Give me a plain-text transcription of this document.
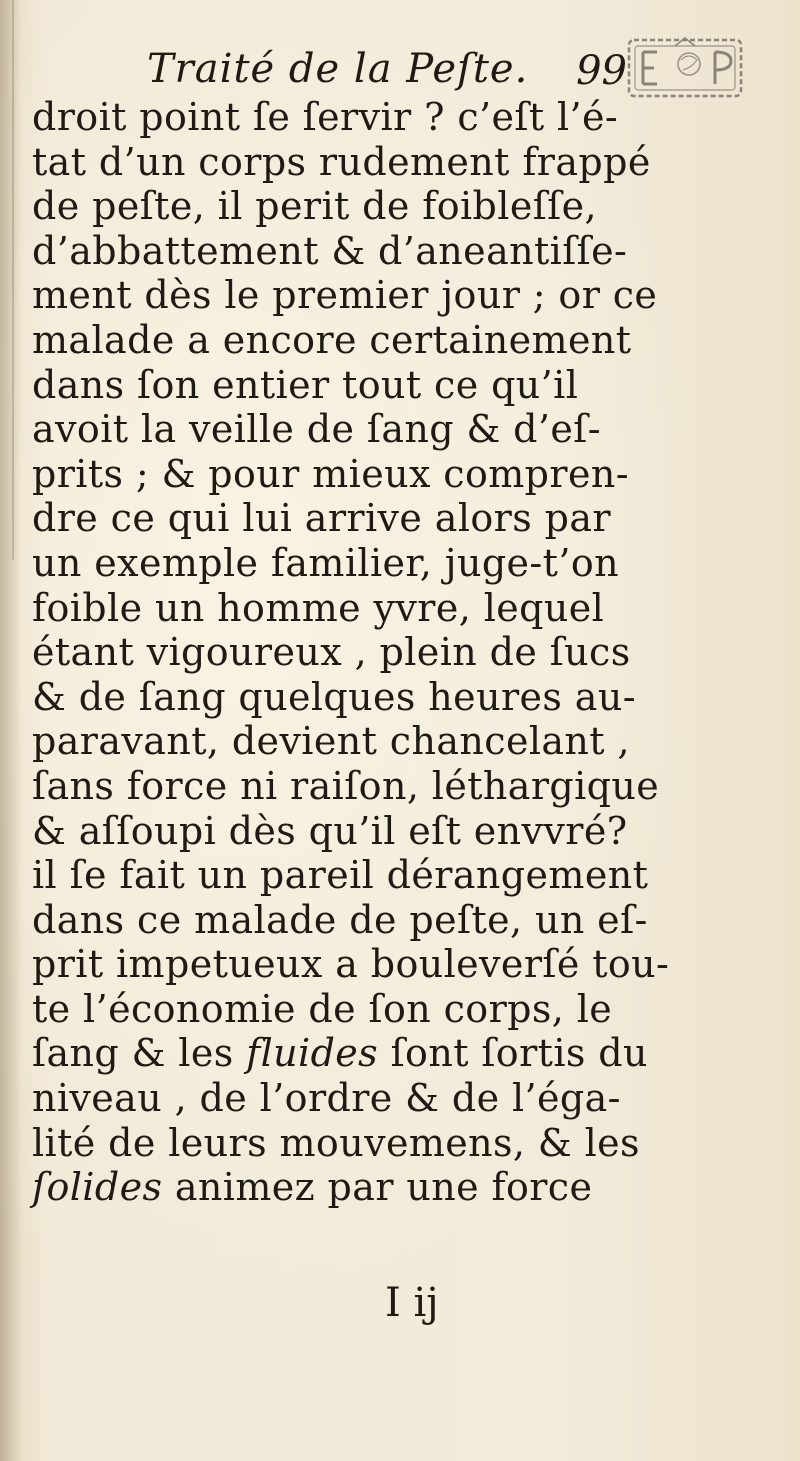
Traité de la Peſte. 99
droit point ſe ſervir ? c’eſt l’é-
tat d’un corps rudement frappé
de peſte, il perit de foibleſſe,
d’abbattement & d’aneantiſſe-
ment dès le premier jour ; or ce
malade a encore certainement
dans ſon entier tout ce qu’il
avoit la veille de ſang & d’eſ-
prits ; & pour mieux compren-
dre ce qui lui arrive alors par
un exemple familier, juge-t’on
foible un homme yvre, lequel
étant vigoureux , plein de ſucs
& de ſang quelques heures au-
paravant, devient chancelant ,
ſans force ni raiſon, léthargique
& aſſoupi dès qu’il eſt envvré?
il ſe fait un pareil dérangement
dans ce malade de peſte, un eſ-
prit impetueux a bouleverſé tou-
te l’économie de ſon corps, le
ſang & les fluides ſont ſortis du
niveau , de l’ordre & de l’éga-
lité de leurs mouvemens, & les
ſolides animez par une force
I ij
